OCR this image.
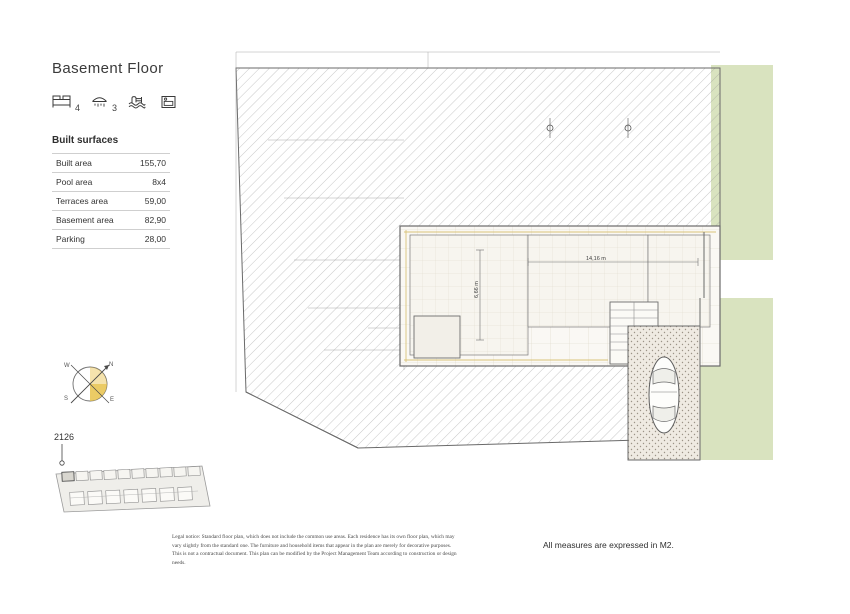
Basement Floor
4	3
Built surfaces
Built area	155,70
Pool area	8x4
Terraces area	59,00
Basement area	82,90
Parking	28,00
N
S	E
W
2126

Legal notice: Standard floor plan, which does not include the common use areas. Each residence has its own floor plan, which may vary slightly from the standard one. The furniture and household items that appear in the plan are merely for decorative purposes. This is not a contractual document. This plan can be modified by the Project Management Team according to construction or design needs.

All measures are expressed in M2.
14,16 m
6,66 m
